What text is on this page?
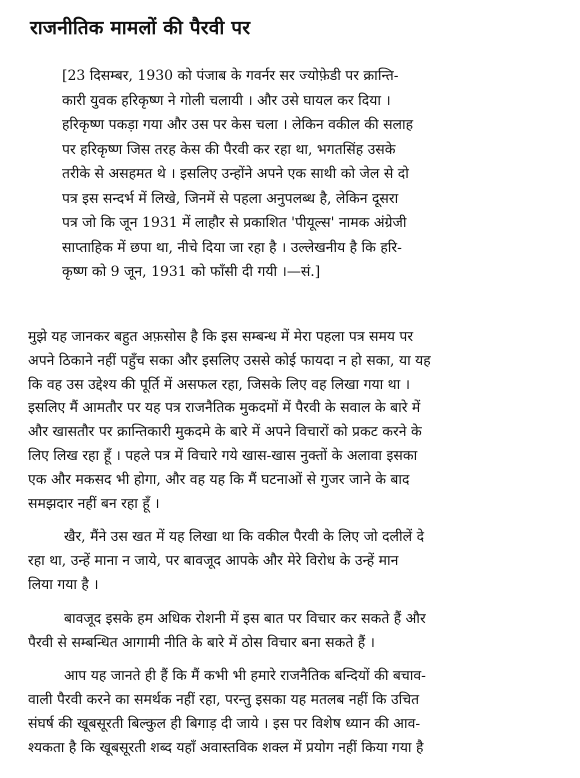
राजनीतिक मामलों की पैरवी पर
[23 दिसम्बर, 1930 को पंजाब के गवर्नर सर ज्योफ़ेडी पर क्रान्ति-
कारी युवक हरिकृष्ण ने गोली चलायी । और उसे घायल कर दिया ।
हरिकृष्ण पकड़ा गया और उस पर केस चला । लेकिन वकील की सलाह
पर हरिकृष्ण जिस तरह केस की पैरवी कर रहा था, भगतसिंह उसके
तरीके से असहमत थे । इसलिए उन्होंने अपने एक साथी को जेल से दो
पत्र इस सन्दर्भ में लिखे, जिनमें से पहला अनुपलब्ध है, लेकिन दूसरा
पत्र जो कि जून 1931 में लाहौर से प्रकाशित 'पीयूल्स' नामक अंग्रेजी
साप्ताहिक में छपा था, नीचे दिया जा रहा है । उल्लेखनीय है कि हरि-
कृष्ण को 9 जून, 1931 को फाँसी दी गयी ।—सं.]
मुझे यह जानकर बहुत अफ़सोस है कि इस सम्बन्ध में मेरा पहला पत्र समय पर
अपने ठिकाने नहीं पहुँच सका और इसलिए उससे कोई फायदा न हो सका, या यह
कि वह उस उद्देश्य की पूर्ति में असफल रहा, जिसके लिए वह लिखा गया था ।
इसलिए मैं आमतौर पर यह पत्र राजनैतिक मुकदमों में पैरवी के सवाल के बारे में
और खासतौर पर क्रान्तिकारी मुकदमे के बारे में अपने विचारों को प्रकट करने के
लिए लिख रहा हूँ । पहले पत्र में विचारे गये खास-खास नुक्तों के अलावा इसका
एक और मकसद भी होगा, और वह यह कि मैं घटनाओं से गुजर जाने के बाद
समझदार नहीं बन रहा हूँ ।
खैर, मैंने उस खत में यह लिखा था कि वकील पैरवी के लिए जो दलीलें दे
रहा था, उन्हें माना न जाये, पर बावजूद आपके और मेरे विरोध के उन्हें मान
लिया गया है ।
बावजूद इसके हम अधिक रोशनी में इस बात पर विचार कर सकते हैं और
पैरवी से सम्बन्धित आगामी नीति के बारे में ठोस विचार बना सकते हैं ।
आप यह जानते ही हैं कि मैं कभी भी हमारे राजनैतिक बन्दियों की बचाव-
वाली पैरवी करने का समर्थक नहीं रहा, परन्तु इसका यह मतलब नहीं कि उचित
संघर्ष की खूबसूरती बिल्कुल ही बिगाड़ दी जाये । इस पर विशेष ध्यान की आव-
श्यकता है कि खूबसूरती शब्द यहाँ अवास्तविक शक्ल में प्रयोग नहीं किया गया है
